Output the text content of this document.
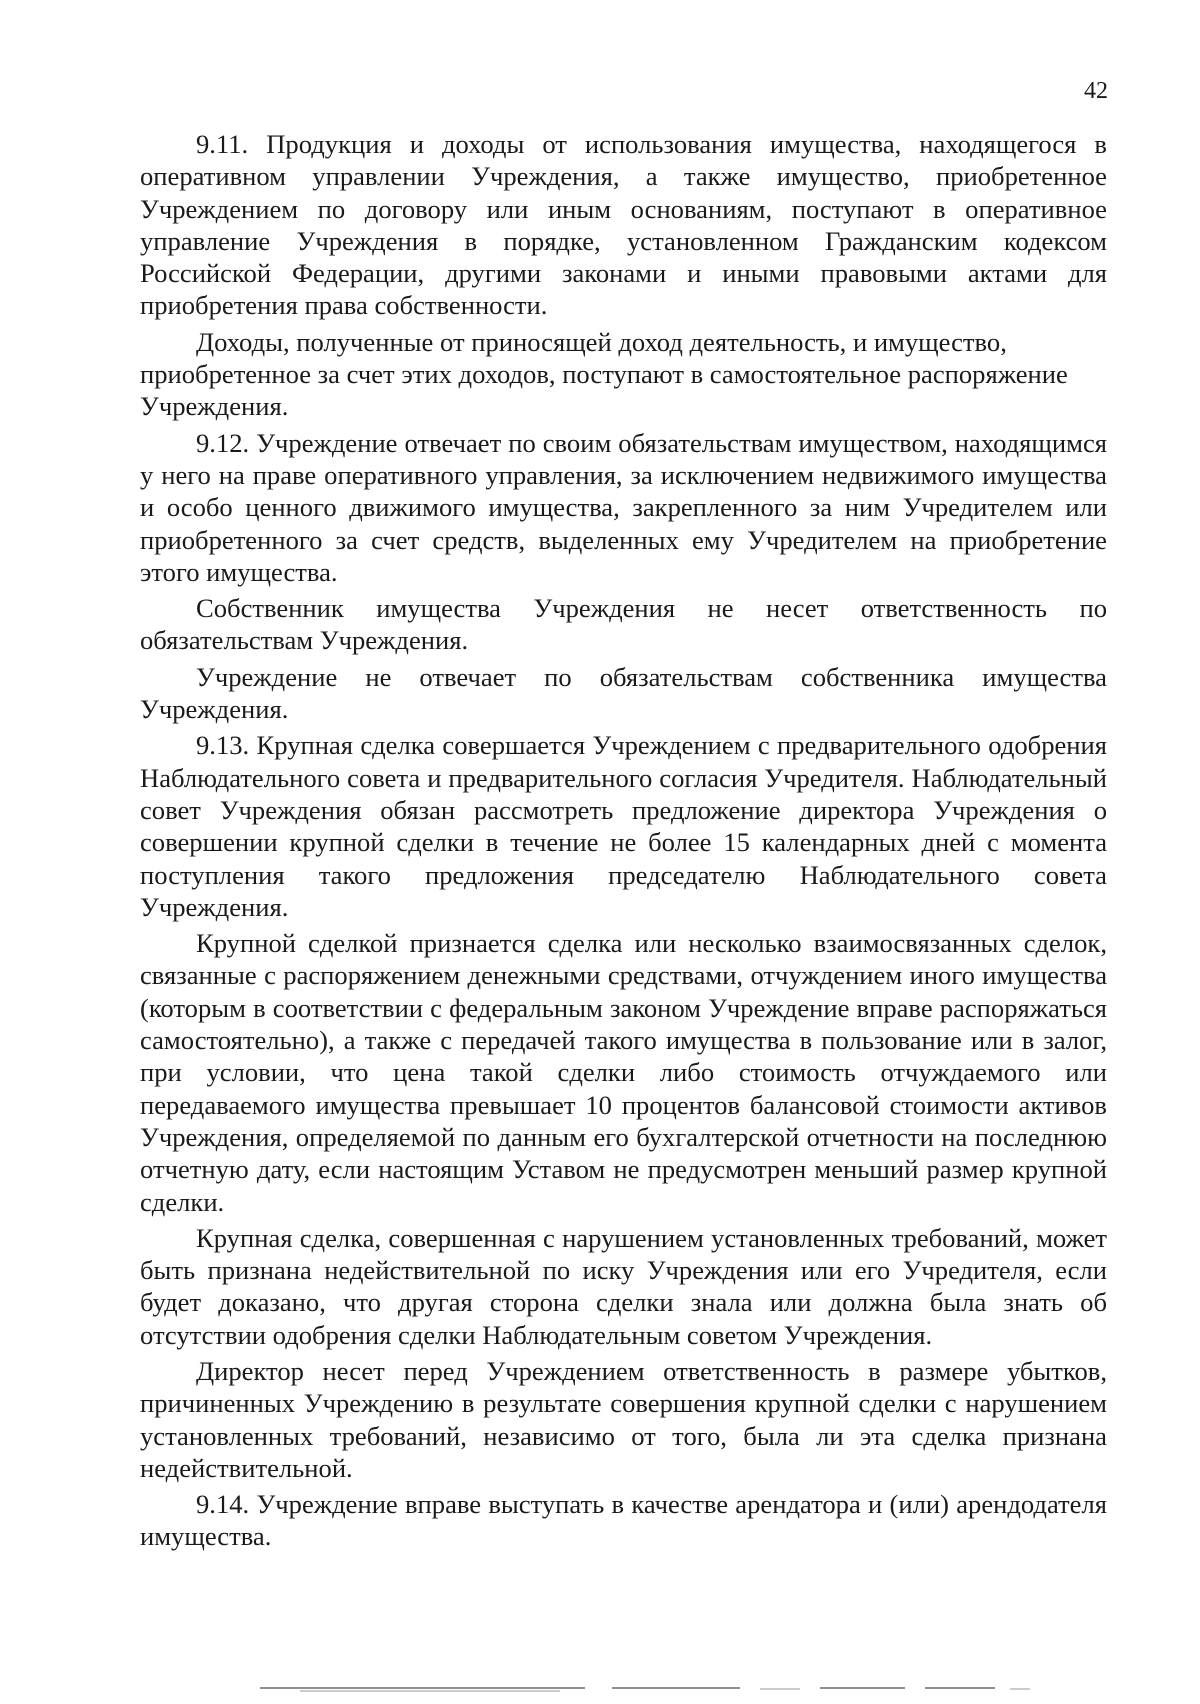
42

9.11. Продукция и доходы от использования имущества, находящегося в оперативном управлении Учреждения, а также имущество, приобретенное Учреждением по договору или иным основаниям, поступают в оперативное управление Учреждения в порядке, установленном Гражданским кодексом Российской Федерации, другими законами и иными правовыми актами для приобретения права собственности.

Доходы, полученные от приносящей доход деятельность, и имущество, приобретенное за счет этих доходов, поступают в самостоятельное распоряжение Учреждения.

9.12. Учреждение отвечает по своим обязательствам имуществом, находящимся у него на праве оперативного управления, за исключением недвижимого имущества и особо ценного движимого имущества, закрепленного за ним Учредителем или приобретенного за счет средств, выделенных ему Учредителем на приобретение этого имущества.

Собственник имущества Учреждения не несет ответственность по обязательствам Учреждения.

Учреждение не отвечает по обязательствам собственника имущества Учреждения.

9.13. Крупная сделка совершается Учреждением с предварительного одобрения Наблюдательного совета и предварительного согласия Учредителя. Наблюдательный совет Учреждения обязан рассмотреть предложение директора Учреждения о совершении крупной сделки в течение не более 15 календарных дней с момента поступления такого предложения председателю Наблюдательного совета Учреждения.

Крупной сделкой признается сделка или несколько взаимосвязанных сделок, связанные с распоряжением денежными средствами, отчуждением иного имущества (которым в соответствии с федеральным законом Учреждение вправе распоряжаться самостоятельно), а также с передачей такого имущества в пользование или в залог, при условии, что цена такой сделки либо стоимость отчуждаемого или передаваемого имущества превышает 10 процентов балансовой стоимости активов Учреждения, определяемой по данным его бухгалтерской отчетности на последнюю отчетную дату, если настоящим Уставом не предусмотрен меньший размер крупной сделки.

Крупная сделка, совершенная с нарушением установленных требований, может быть признана недействительной по иску Учреждения или его Учредителя, если будет доказано, что другая сторона сделки знала или должна была знать об отсутствии одобрения сделки Наблюдательным советом Учреждения.

Директор несет перед Учреждением ответственность в размере убытков, причиненных Учреждению в результате совершения крупной сделки с нарушением установленных требований, независимо от того, была ли эта сделка признана недействительной.

9.14. Учреждение вправе выступать в качестве арендатора и (или) арендодателя имущества.
